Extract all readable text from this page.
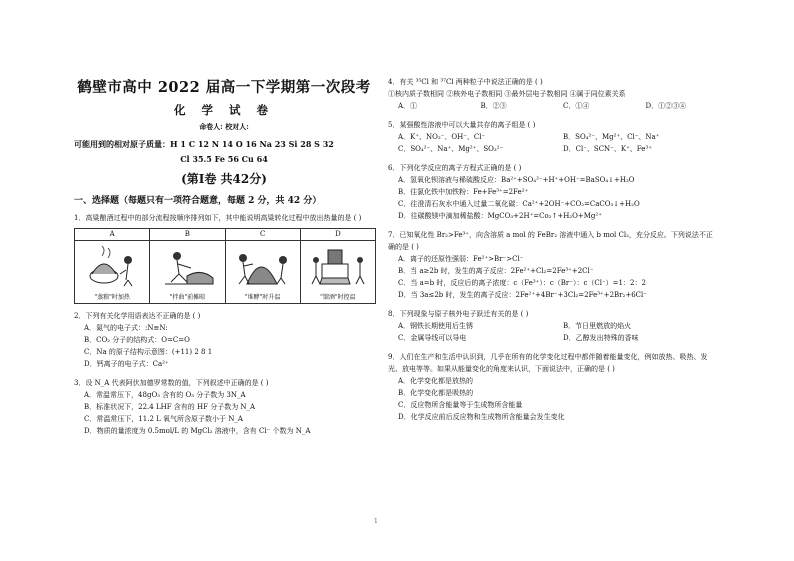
鹤壁市高中 2022 届高一下学期第一次段考
化 学 试 卷
命卷人: 校对人:
可能用到的相对原子质量：H 1 C 12 N 14 O 16 Na 23 Si 28 S 32
Cl 35.5 Fe 56 Cu 64
(第Ⅰ卷 共42分)
一、选择题（每题只有一项符合题意，每题 2 分，共 42 分）
1．高粱酿酒过程中的部分流程按顺序排列如下，其中能说明高粱转化过程中放出热量的是 ( )
A
"蒸粮"时加热
B
"拌曲"前摊晾
C
"堆酵"时升温
D
"馏酒"时控温
2．下列有关化学用语表达不正确的是 ( )
A．氮气的电子式：:N≡N:
B．CO₂ 分子的结构式：O=C=O
C．Na 的原子结构示意图：(+11) 2 8 1
D．钙离子的电子式：Ca²⁺
3．设 N_A 代表阿伏加德罗常数的值，下列叙述中正确的是 ( )
A．常温常压下，48gO₃ 含有的 O₃ 分子数为 3N_A
B．标准状况下，22.4 LHF 含有的 HF 分子数为 N_A
C．常温常压下，11.2 L 氧气所含原子数小于 N_A
D．物质的量浓度为 0.5mol/L 的 MgCl₂ 溶液中，含有 Cl⁻ 个数为 N_A
4．有关 ³⁵Cl 和 ³⁷Cl 两种粒子中说法正确的是 ( )
①核内质子数相同 ②核外电子数相同 ③最外层电子数相同 ④属于同位素关系
A．①	B．②③	C．①④	D．①②③④
5．某强酸性溶液中可以大量共存的离子组是 ( )
A．K⁺、NO₃⁻、OH⁻、Cl⁻	B．SO₄²⁻、Mg²⁺、Cl⁻、Na⁺
C．SO₄²⁻、Na⁺、Mg²⁺、SO₃²⁻	D．Cl⁻、SCN⁻、K⁺、Fe³⁺
6．下列化学反应的离子方程式正确的是 ( )
A．氢氧化钡溶液与稀硫酸反应：Ba²⁺+SO₄²⁻+H⁺+OH⁻=BaSO₄↓+H₂O
B．往氯化铁中加铁粉：Fe+Fe³⁺=2Fe²⁺
C．往澄清石灰水中通入过量二氧化碳：Ca²⁺+2OH⁻+CO₂=CaCO₃↓+H₂O
D．往碳酸镁中滴加稀盐酸：MgCO₃+2H⁺=Co₂↑+H₂O+Mg²⁺
7．已知氧化性 Br₂>Fe³⁺，向含溶质 a mol 的 FeBr₂ 溶液中通入 b mol Cl₂，充分反应。下列说法不正确的是 ( )
A．离子的还原性强弱：Fe²⁺>Br⁻>Cl⁻
B．当 a≥2b 时，发生的离子反应：2Fe²⁺+Cl₂=2Fe³⁺+2Cl⁻
C．当 a=b 时，反应后的离子浓度：c（Fe³⁺）：c（Br⁻）：c（Cl⁻）=1：2：2
D．当 3a≤2b 时，发生的离子反应：2Fe²⁺+4Br⁻+3Cl₂=2Fe³⁺+2Br₂+6Cl⁻
8．下列现象与原子核外电子跃迁有关的是 ( )
A．钢铁长期使用后生锈	B．节日里燃放的焰火
C．金属导线可以导电	D．乙醇发出特殊的香味
9．人们在生产和生活中认识到，几乎在所有的化学变化过程中都伴随着能量变化，例如放热、吸热、发光、放电等等。如果从能量变化的角度来认识，下面说法中，正确的是 ( )
A．化学变化都是放热的
B．化学变化都是吸热的
C．反应物所含能量等于生成物所含能量
D．化学反应前后反应物和生成物所含能量会发生变化
1
